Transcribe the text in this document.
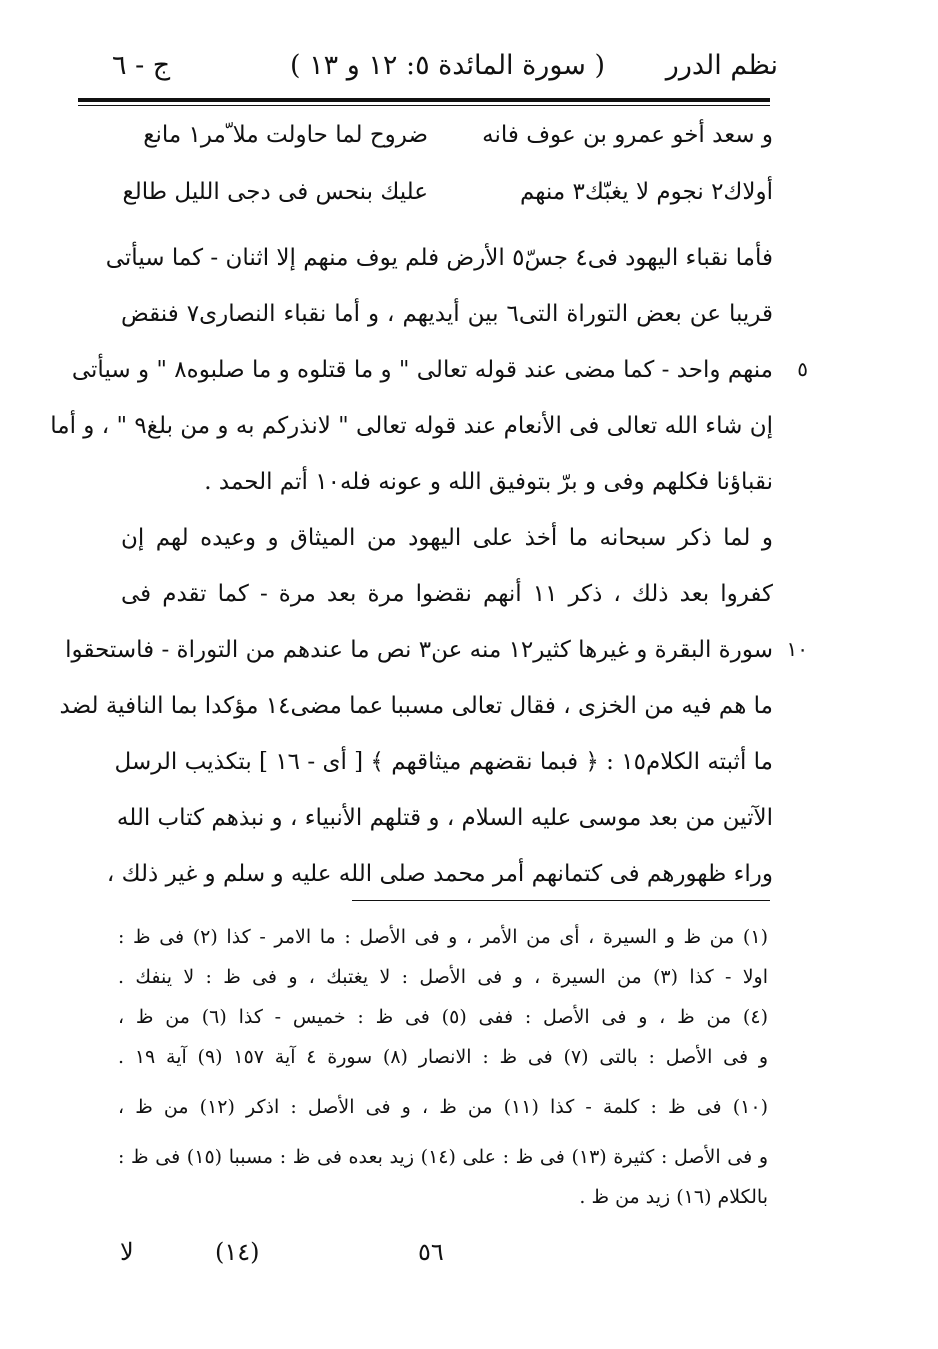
نظم الدرر
( سورة المائدة ٥: ١٢ و ١٣ )
ج - ٦
و سعد أخو عمرو بن عوف فانه
ضروح لما حاولت ملا ّمر١ مانع
أولاك٢ نجوم لا يغبّك٣ منهم
عليك بنحس فى دجى الليل طالع
فأما نقباء اليهود فى٤ جسّ٥ الأرض فلم يوف منهم إلا اثنان - كما سيأتى
قريبا عن بعض التوراة التى٦ بين أيديهم ، و أما نقباء النصارى٧ فنقض
منهم واحد - كما مضى عند قوله تعالى " و ما قتلوه و ما صلبوه٨ " و سيأتى	٥
إن شاء الله تعالى فى الأنعام عند قوله تعالى " لانذركم به و من بلغ٩ " ، و أما
نقباؤنا فكلهم وفى و برّ بتوفيق الله و عونه فله١٠ أتم الحمد .
و لما ذكر سبحانه ما أخذ على اليهود من الميثاق و وعيده لهم إن
كفروا بعد ذلك ، ذكر ١١ أنهم نقضوا مرة بعد مرة - كما تقدم فى
سورة البقرة و غيرها كثير١٢ منه عن٣ نص ما عندهم من التوراة - فاستحقوا ١٠
ما هم فيه من الخزى ، فقال تعالى مسببا عما مضى١٤ مؤكدا بما النافية لضد
ما أثبته الكلام١٥ : ﴿ فبما نقضهم ميثاقهم ﴾ [ أى - ١٦ ] بتكذيب الرسل
الآتين من بعد موسى عليه السلام ، و قتلهم الأنبياء ، و نبذهم كتاب الله
وراء ظهورهم فى كتمانهم أمر محمد صلى الله عليه و سلم و غير ذلك ،
(١) من ظ و السيرة ، أى من الأمر ، و فى الأصل : ما الامر - كذا (٢) فى ظ :
اولا - كذا (٣) من السيرة ، و فى الأصل : لا يغتبك ، و فى ظ : لا ينفك .
(٤) من ظ ، و فى الأصل : ففى (٥) فى ظ : خميس - كذا (٦) من ظ ،
و فى الأصل : بالتى (٧) فى ظ : الانصار (٨) سورة ٤ آية ١٥٧ (٩) آية ١٩ .
(١٠) فى ظ : كلمة - كذا (١١) من ظ ، و فى الأصل : اذكر (١٢) من ظ ،
و فى الأصل : كثيرة (١٣) فى ظ : على (١٤) زيد بعده فى ظ : مسببا (١٥) فى ظ :
بالكلام (١٦) زيد من ظ .
لا	(١٤)	٥٦
